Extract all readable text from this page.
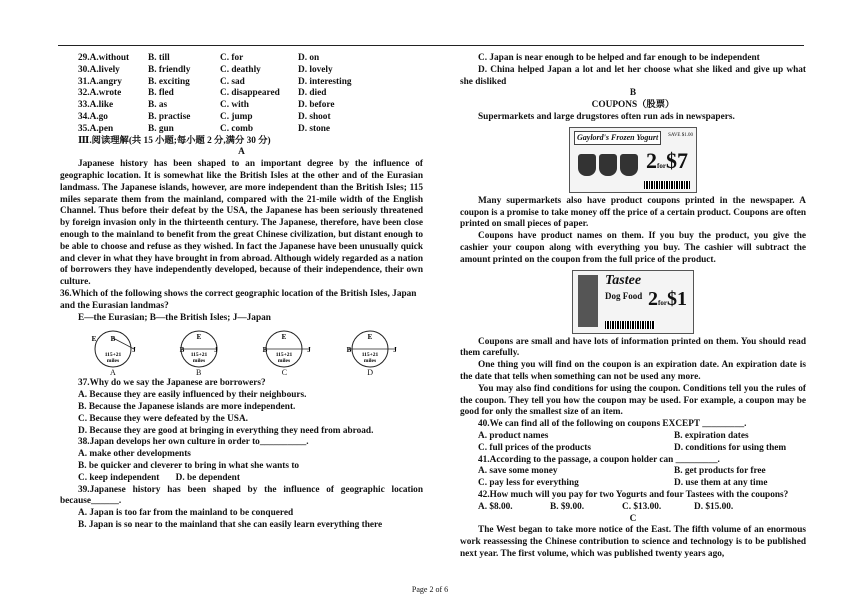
29.A.without	B. till	C. for	D. on
30.A.lively	B. friendly	C. deathly	D. lovely
31.A.angry	B. exciting	C. sad	D. interesting
32.A.wrote	B. fled	C. disappeared	D. died
33.A.like	B. as	C. with	D. before
34.A.go	B. practise	C. jump	D. shoot
35.A.pen	B. gun	C. comb	D. stone
Ⅲ.阅读理解(共 15 小题;每小题 2 分,满分 30 分)
A

Japanese history has been shaped to an important degree by the influence of geographic location. It is somewhat like the British Isles at the other and of the Eurasian landmass. The Japanese islands, however, are more independent than the British Isles; 115 miles separate them from the mainland, compared with the 21-mile width of the English Channel. Thus before their defeat by the USA, the Japanese has been seriously threatened by foreign invasion only in the thirteenth century. The Japanese, therefore, have been close enough to the mainland to benefit from the great Chinese civilization, but distant enough to be able to choose and refuse as they wished. In fact the Japanese have been unusually quick and clever in what they have brought in from abroad. Although widely regarded as a nation of borrowers they have independently developed, because of their independence, their own culture.

36.Which of the following shows the correct geographic location of the British Isles, Japan and the Eurasian landmas?
E—the Eurasian; B—the British Isles; J—Japan
E B
J
115+21
miles
A
E
B	J
115+21
miles
B
E
B	J
115+21
miles
C
E
B	J
115+21
miles
D
37.Why do we say the Japanese are borrowers?
A. Because they are easily influenced by their neighbours.
B. Because the Japanese islands are more independent.
C. Because they were defeated by the USA.
D. Because they are good at bringing in everything they need from abroad.
38.Japan develops her own culture in order to__________.
A. make other developments
B. be quicker and cleverer to bring in what she wants to
C. keep independent       D. be dependent

39.Japanese history has been shaped by the influence of geographic location because______.

A. Japan is too far from the mainland to be conquered
B. Japan is so near to the mainland that she can easily learn everything there
C. Japan is near enough to be helped and far enough to be independent

D. China helped Japan a lot and let her choose what she liked and give up what she disliked

B
COUPONS（股票）
Supermarkets and large drugstores often run ads in newspapers.
Gaylord's Frozen Yogurt	SAVE $1.00
2for$7

Many supermarkets also have product coupons printed in the newspaper. A coupon is a promise to take money off the price of a certain product. Coupons are often printed on small pieces of paper.

Coupons have product names on them. If you buy the product, you give the cashier your coupon along with everything you buy. The cashier will subtract the amount printed on the coupon from the full price of the product.

Tastee
Dog Food 2for$1

Coupons are small and have lots of information printed on them. You should read them carefully.

One thing you will find on the coupon is an expiration date. An expiration date is the date that tells when something can not be used any more.

You may also find conditions for using the coupon. Conditions tell you the rules of the coupon. They tell you how the coupon may be used. For example, a coupon may be good for only the smallest size of an item.

40.We can find all of the following on coupons EXCEPT _________.
A. product names	B. expiration dates
C. full prices of the products	D. conditions for using them
41.According to the passage, a coupon holder can _________.
A. save some money	B. get products for free
C. pay less for everything	D. use them at any time
42.How much will you pay for two Yogurts and four Tastees with the coupons?
A. $8.00.	B. $9.00.	C. $13.00.	D. $15.00.
C

The West began to take more notice of the East. The fifth volume of an enormous work reassessing the Chinese contribution to science and technology is to be published next year. The first volume, which was published twenty years ago,

Page 2 of 6
